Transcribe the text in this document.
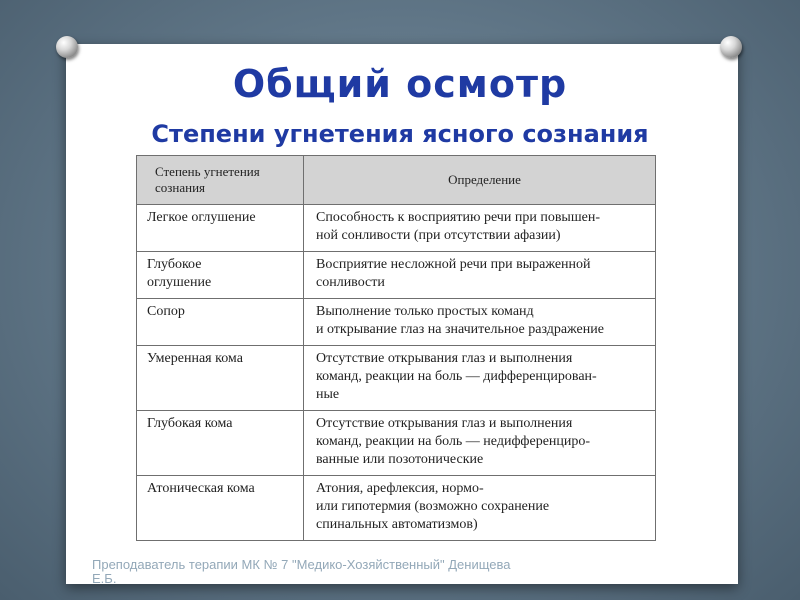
Общий осмотр
Степени угнетения ясного сознания
Степень угнетения
сознания	Определение
Легкое оглушение	Способность к восприятию речи при повышен-
ной сонливости (при отсутствии афазии)
Глубокое
оглушение	Восприятие несложной речи при выраженной
сонливости
Сопор	Выполнение только простых команд
и открывание глаз на значительное раздражение
Умеренная кома	Отсутствие открывания глаз и выполнения
команд, реакции на боль — дифференцирован-
ные
Глубокая кома	Отсутствие открывания глаз и выполнения
команд, реакции на боль — недифференциро-
ванные или позотонические
Атоническая кома	Атония, арефлексия, нормо-
или гипотермия (возможно сохранение
спинальных автоматизмов)
Преподаватель терапии МК № 7 "Медико-Хозяйственный" Денищева
Е.Б.
